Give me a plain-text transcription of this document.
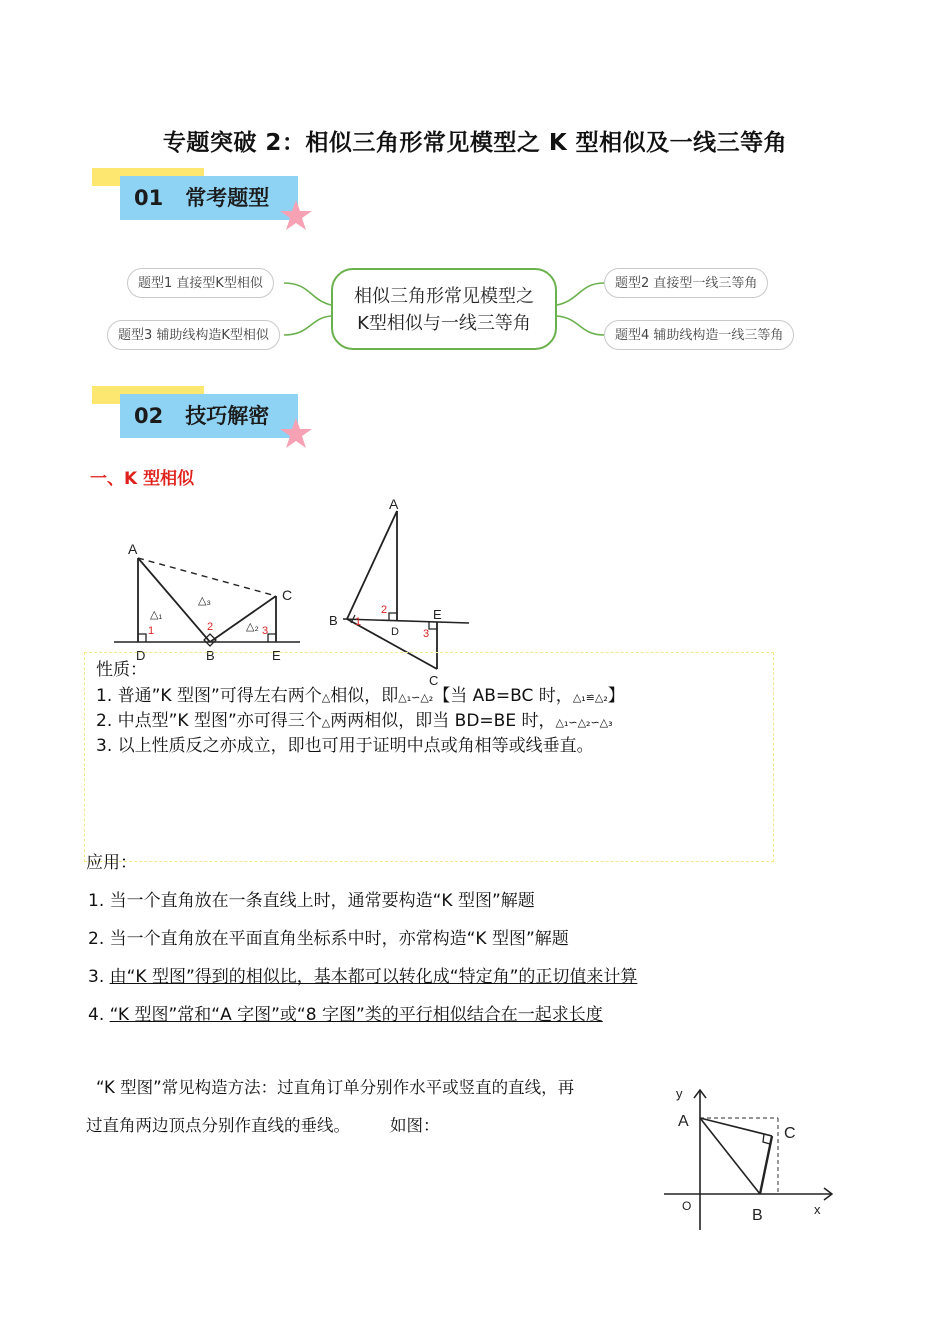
专题突破 2：相似三角形常见模型之 K 型相似及一线三等角
01 常考题型
题型1 直接型K型相似
题型3 辅助线构造K型相似
题型2 直接型一线三等角
题型4 辅助线构造一线三等角
相似三角形常见模型之
K型相似与一线三等角
02 技巧解密
一、K 型相似
A
C
D	B	E
△₁
△₃
△₂
1	2	3
A
B
D
E
C
2
1
3
性质：
1. 普通”K 型图”可得左右两个△相似，即△₁∽△₂【当 AB=BC 时，△₁≌△₂】
2. 中点型”K 型图”亦可得三个△两两相似，即当 BD=BE 时，△₁∽△₂∽△₃
3. 以上性质反之亦成立，即也可用于证明中点或角相等或线垂直。
应用：
1. 当一个直角放在一条直线上时，通常要构造“K 型图”解题
2. 当一个直角放在平面直角坐标系中时，亦常构造“K 型图”解题
3. 由“K 型图”得到的相似比，基本都可以转化成“特定角”的正切值来计算
4. “K 型图”常和“A 字图”或“8 字图”类的平行相似结合在一起求长度
“K 型图”常见构造方法：过直角订单分别作水平或竖直的直线，再
过直角两边顶点分别作直线的垂线。 如图：
y
A
C
O
B	x
